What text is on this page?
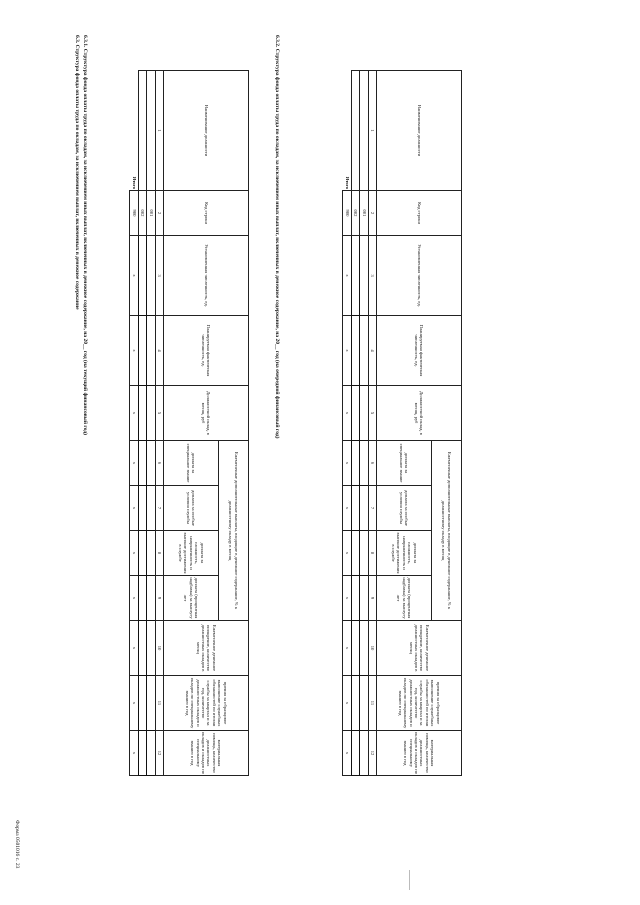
Форма 0501016 с. 23
6.3. Структура фонда оплаты труда по окладам, за исключением выплат, включенных в денежное содержание 6.3.1. Структура фонда оплаты труда по окладам, за исключением иных выплат, включенных в денежное содержание, на 20__ год (на текущий финансовый год)	Наименование должности	Код строки	Установленная численность, ед.	Планируемая фактическая численность, ед.	Должностной оклад, в месяц, руб	Ежемесячные дополнительные выплаты, входящие в денежное содержание, % к должностному окладу в месяц				Ежемесячное денежное поощрение, количество должностных окладов в месяц	премия за образцовое выполнение служебных обязанностей по итогам службы за квартал и за год, количество должностных окладов и окладов по специальному званию в год	материальная помощь, количество должностных окладов и окладов по специальному званию в год
					доплата за специальное звание	доплата за особые условия службы	доплата за сложность, напряженность и высокие достижения в службе	доплата (процентная надбавка) за выслугу лет			
1	2	3	4	5	6	7	8	9	10	11	12
	001										
	002										
Итого	900	x	x	x	x	x	x	x	x	x	x
6.3.2. Структура фонда оплаты труда по окладам, за исключением иных выплат, включенных в денежное содержание, на 20__ год (на очередной финансовый год)	Наименование должности	Код строки	Установленная численность, ед.	Планируемая фактическая численность, ед.	Должностной оклад, в месяц, руб	Ежемесячные дополнительные выплаты, входящие в денежное содержание, % к должностному окладу в месяц				Ежемесячное денежное поощрение, количество должностных окладов в месяц	премия за образцовое выполнение служебных обязанностей по итогам службы за квартал и за год, количество должностных окладов и окладов по специальному званию в год	материальная помощь, количество должностных окладов и окладов по специальному званию в год
					доплата за специальное звание	доплата за особые условия службы	доплата за сложность, напряженность и высокие достижения в службе	доплата (процентная надбавка) за выслугу лет			
1	2	3	4	5	6	7	8	9	10	11	12
	001										
	002										
Итого	900	x	x	x	x	x	x	x	x	x	x
